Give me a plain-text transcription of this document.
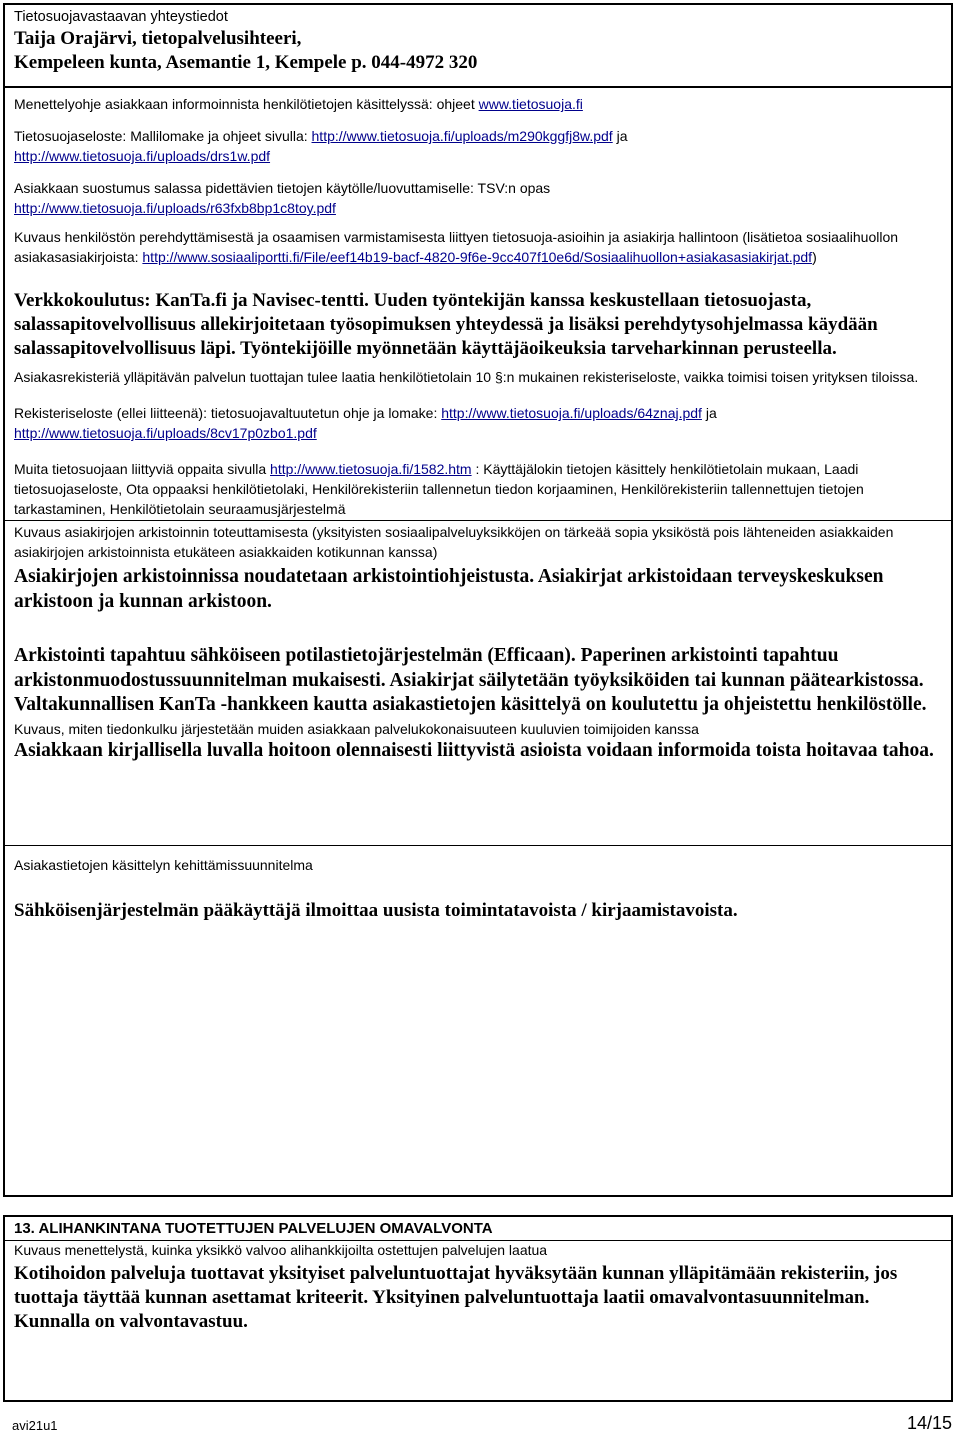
Tietosuojavastaavan yhteystiedot
Taija Orajärvi, tietopalvelusihteeri,
Kempeleen kunta, Asemantie 1, Kempele p. 044-4972 320
Menettelyohje asiakkaan informoinnista henkilötietojen käsittelyssä: ohjeet www.tietosuoja.fi
Tietosuojaseloste: Mallilomake ja ohjeet sivulla: http://www.tietosuoja.fi/uploads/m290kggfj8w.pdf ja
http://www.tietosuoja.fi/uploads/drs1w.pdf
Asiakkaan suostumus salassa pidettävien tietojen käytölle/luovuttamiselle: TSV:n opas
http://www.tietosuoja.fi/uploads/r63fxb8bp1c8toy.pdf
Kuvaus henkilöstön perehdyttämisestä ja osaamisen varmistamisesta liittyen tietosuoja-asioihin ja asiakirja hallintoon (lisätietoa sosiaalihuollon asiakasasiakirjoista: http://www.sosiaaliportti.fi/File/eef14b19-bacf-4820-9f6e-9cc407f10e6d/Sosiaalihuollon+asiakasasiakirjat.pdf)
Verkkokoulutus: KanTa.fi ja Navisec-tentti. Uuden työntekijän kanssa keskustellaan tietosuojasta, salassapitovelvollisuus allekirjoitetaan työsopimuksen yhteydessä ja lisäksi perehdytysohjelmassa käydään salassapitovelvollisuus läpi. Työntekijöille myönnetään käyttäjäoikeuksia tarveharkinnan perusteella.
Asiakasrekisteriä ylläpitävän palvelun tuottajan tulee laatia henkilötietolain 10 §:n mukainen rekisteriseloste, vaikka toimisi toisen yrityksen tiloissa.
Rekisteriseloste (ellei liitteenä): tietosuojavaltuutetun ohje ja lomake: http://www.tietosuoja.fi/uploads/64znaj.pdf ja
http://www.tietosuoja.fi/uploads/8cv17p0zbo1.pdf
Muita tietosuojaan liittyviä oppaita sivulla http://www.tietosuoja.fi/1582.htm : Käyttäjälokin tietojen käsittely henkilötietolain mukaan, Laadi tietosuojaseloste, Ota oppaaksi henkilötietolaki, Henkilörekisteriin tallennetun tiedon korjaaminen, Henkilörekisteriin tallennettujen tietojen tarkastaminen, Henkilötietolain seuraamusjärjestelmä
Kuvaus asiakirjojen arkistoinnin toteuttamisesta (yksityisten sosiaalipalveluyksikköjen on tärkeää sopia yksiköstä pois lähteneiden asiakkaiden asiakirjojen arkistoinnista etukäteen asiakkaiden kotikunnan kanssa)
Asiakirjojen arkistoinnissa noudatetaan arkistointiohjeistusta. Asiakirjat arkistoidaan terveyskeskuksen arkistoon ja kunnan arkistoon.
Arkistointi tapahtuu sähköiseen potilastietojärjestelmän (Efficaan). Paperinen arkistointi tapahtuu arkistonmuodostussuunnitelman mukaisesti. Asiakirjat säilytetään työyksiköiden tai kunnan päätearkistossa. Valtakunnallisen KanTa -hankkeen kautta asiakastietojen käsittelyä on koulutettu ja ohjeistettu henkilöstölle.
Kuvaus, miten tiedonkulku järjestetään muiden asiakkaan palvelukokonaisuuteen kuuluvien toimijoiden kanssa
Asiakkaan kirjallisella luvalla hoitoon olennaisesti liittyvistä asioista voidaan informoida toista hoitavaa tahoa.
Asiakastietojen käsittelyn kehittämissuunnitelma
Sähköisenjärjestelmän pääkäyttäjä ilmoittaa uusista toimintatavoista / kirjaamistavoista.
13. ALIHANKINTANA TUOTETTUJEN PALVELUJEN OMAVALVONTA
Kuvaus menettelystä, kuinka yksikkö valvoo alihankkijoilta ostettujen palvelujen laatua
Kotihoidon palveluja tuottavat yksityiset palveluntuottajat hyväksytään kunnan ylläpitämään rekisteriin, jos tuottaja täyttää kunnan asettamat kriteerit. Yksityinen palveluntuottaja laatii omavalvontasuunnitelman. Kunnalla on valvontavastuu.
avi21u1	14/15
